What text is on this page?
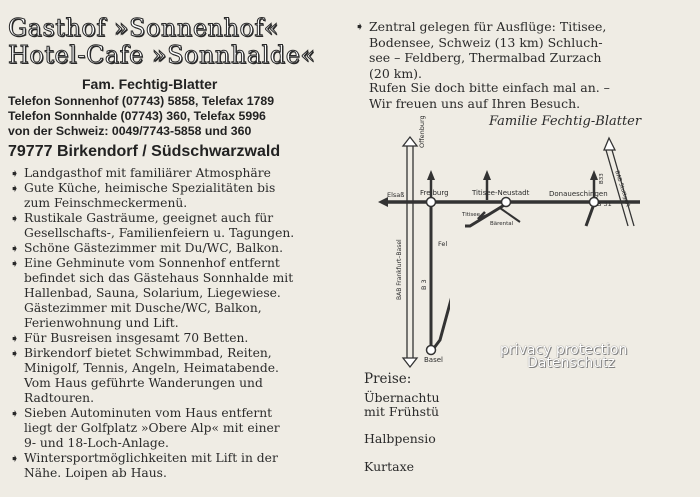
Gasthof »Sonnenhof«
Hotel-Cafe »Sonnhalde«
Fam. Fechtig-Blatter
Telefon Sonnenhof (07743) 5858, Telefax 1789
Telefon Sonnhalde (07743) 360, Telefax 5996
von der Schweiz: 0049/7743-5858 und 360
79777 Birkendorf / Südschwarzwald
➧ Landgasthof mit familiärer Atmosphäre
➧ Gute Küche, heimische Spezialitäten bis
zum Feinschmeckermenü.
➧ Rustikale Gasträume, geeignet auch für
Gesellschafts-, Familienfeiern u. Tagungen.
➧ Schöne Gästezimmer mit Du/WC, Balkon.
➧ Eine Gehminute vom Sonnenhof entfernt
befindet sich das Gästehaus Sonnhalde mit
Hallenbad, Sauna, Solarium, Liegewiese.
Gästezimmer mit Dusche/WC, Balkon,
Ferienwohnung und Lift.
➧ Für Busreisen insgesamt 70 Betten.
➧ Birkendorf bietet Schwimmbad, Reiten,
Minigolf, Tennis, Angeln, Heimatabende.
Vom Haus geführte Wanderungen und
Radtouren.
➧ Sieben Autominuten vom Haus entfernt
liegt der Golfplatz »Obere Alp« mit einer
9- und 18-Loch-Anlage.
➧ Wintersportmöglichkeiten mit Lift in der
Nähe. Loipen ab Haus.
➧ Zentral gelegen für Ausflüge: Titisee,
Bodensee, Schweiz (13 km) Schluch-
see – Feldberg, Thermalbad Zurzach
(20 km).
Rufen Sie doch bitte einfach mal an. –
Wir freuen uns auf Ihren Besuch.
Familie Fechtig-Blatter
Offenburg
Elsaß Freiburg	Titisee-Neustadt	Donaueschingen
Titisee
Bärental
Fel
BAB Frankfurt–Basel	B 3
Basel
B 31
B33 BAB Stuttgart
Preise:
Übernachtu
mit Frühstü
Halbpensio
Kurtaxe
privacy protection
Datenschutz
